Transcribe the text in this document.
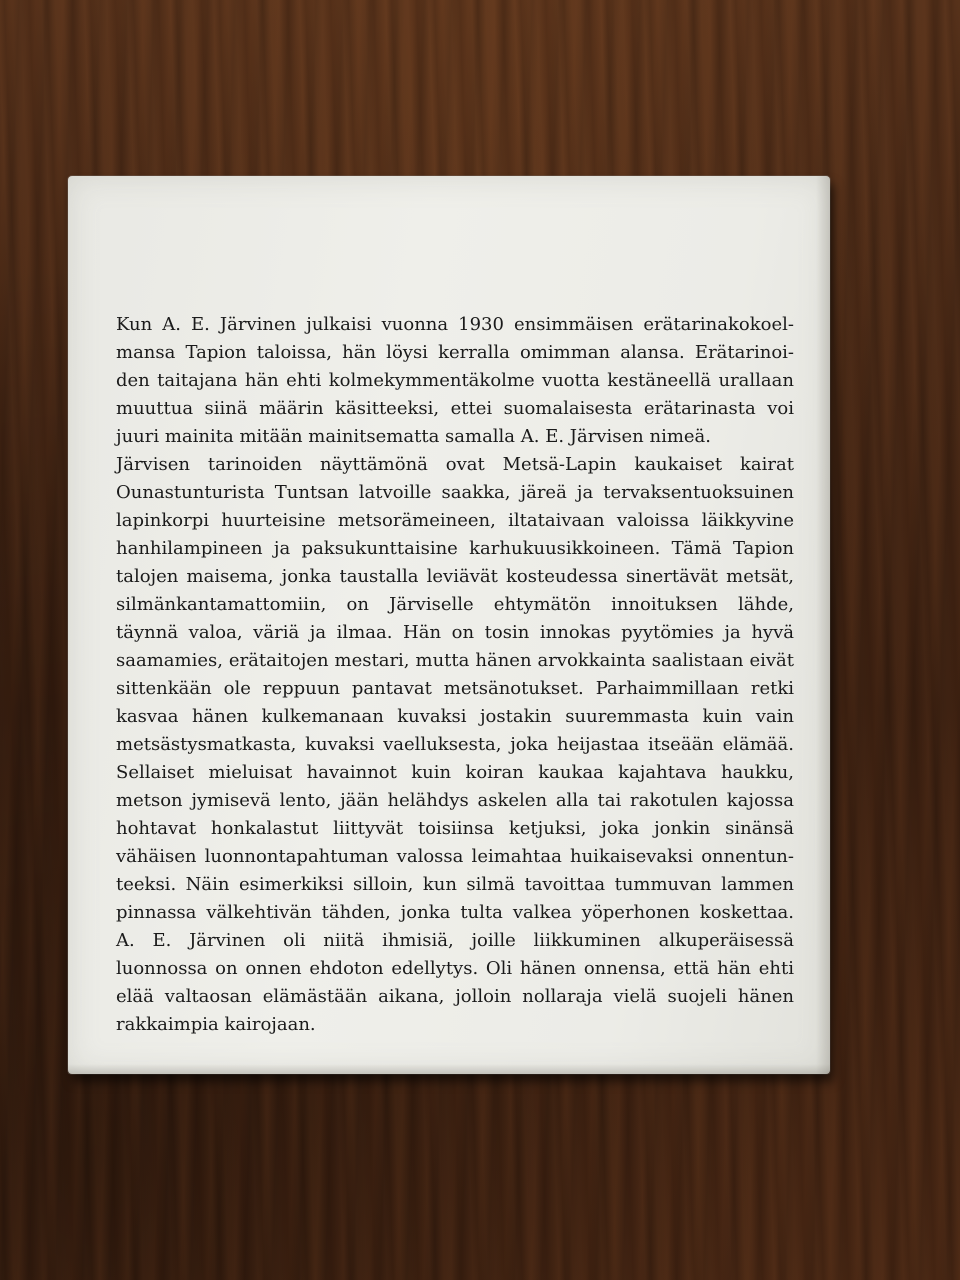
Kun A. E. Järvinen julkaisi vuonna 1930 ensimmäisen erätarinakokoel-
mansa Tapion taloissa, hän löysi kerralla omimman alansa. Erätarinoi-
den taitajana hän ehti kolmekymmentäkolme vuotta kestäneellä urallaan
muuttua siinä määrin käsitteeksi, ettei suomalaisesta erätarinasta voi
juuri mainita mitään mainitsematta samalla A. E. Järvisen nimeä.
Järvisen tarinoiden näyttämönä ovat Metsä-Lapin kaukaiset kairat
Ounastunturista Tuntsan latvoille saakka, järeä ja tervaksentuoksuinen
lapinkorpi huurteisine metsorämeineen, iltataivaan valoissa läikkyvine
hanhilampineen ja paksukunttaisine karhukuusikkoineen. Tämä Tapion
talojen maisema, jonka taustalla leviävät kosteudessa sinertävät metsät,
silmänkantamattomiin, on Järviselle ehtymätön innoituksen lähde,
täynnä valoa, väriä ja ilmaa. Hän on tosin innokas pyytömies ja hyvä
saamamies, erätaitojen mestari, mutta hänen arvokkainta saalistaan eivät
sittenkään ole reppuun pantavat metsänotukset. Parhaimmillaan retki
kasvaa hänen kulkemanaan kuvaksi jostakin suuremmasta kuin vain
metsästysmatkasta, kuvaksi vaelluksesta, joka heijastaa itseään elämää.
Sellaiset mieluisat havainnot kuin koiran kaukaa kajahtava haukku,
metson jymisevä lento, jään helähdys askelen alla tai rakotulen kajossa
hohtavat honkalastut liittyvät toisiinsa ketjuksi, joka jonkin sinänsä
vähäisen luonnontapahtuman valossa leimahtaa huikaisevaksi onnentun-
teeksi. Näin esimerkiksi silloin, kun silmä tavoittaa tummuvan lammen
pinnassa välkehtivän tähden, jonka tulta valkea yöperhonen koskettaa.
A. E. Järvinen oli niitä ihmisiä, joille liikkuminen alkuperäisessä
luonnossa on onnen ehdoton edellytys. Oli hänen onnensa, että hän ehti
elää valtaosan elämästään aikana, jolloin nollaraja vielä suojeli hänen
rakkaimpia kairojaan.
